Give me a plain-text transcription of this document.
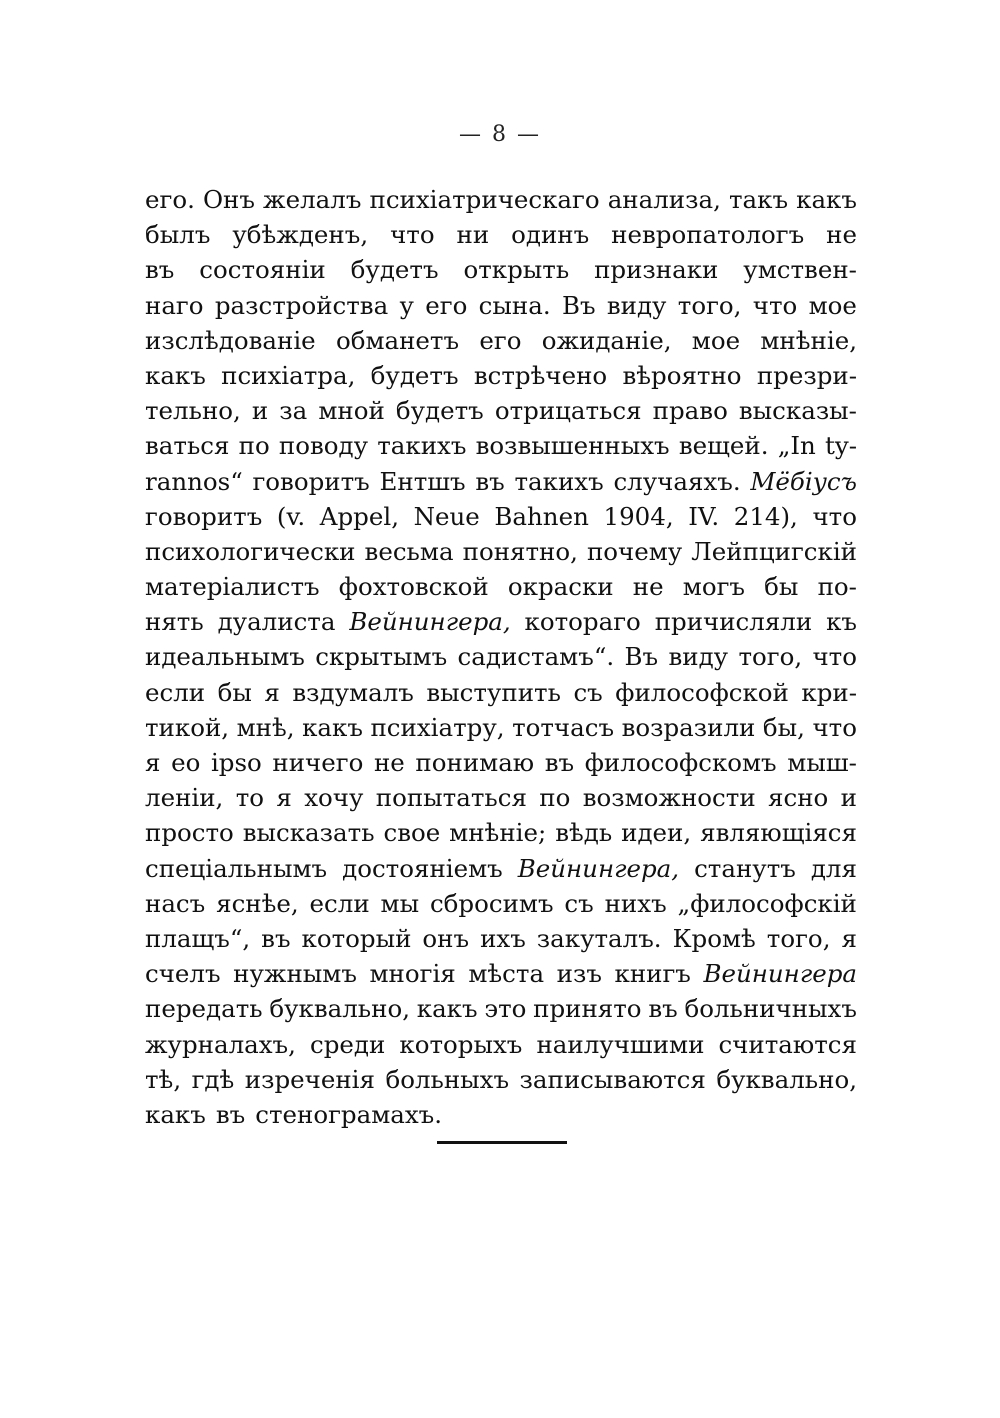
— 8 —
его. Онъ желалъ психіатрическаго анализа, такъ какъ
былъ убѣжденъ, что ни одинъ невропатологъ не
въ состояніи будетъ открыть признаки умствен-
наго разстройства у его сына. Въ виду того, что мое
изслѣдованіе обманетъ его ожиданіе, мое мнѣніе,
какъ психіатра, будетъ встрѣчено вѣроятно презри-
тельно, и за мной будетъ отрицаться право высказы-
ваться по поводу такихъ возвышенныхъ вещей. „In ty-
rannos“ говоритъ Ентшъ въ такихъ случаяхъ. Мёбіусъ
говоритъ (v. Appel, Neue Bahnen 1904, IV. 214), что
психологически весьма понятно, почему Лейпцигскій
матеріалистъ фохтовской окраски не могъ бы по-
нять дуалиста Вейнингера, котораго причисляли къ
идеальнымъ скрытымъ садистамъ“. Въ виду того, что
если бы я вздумалъ выступить съ философской кри-
тикой, мнѣ, какъ психіатру, тотчасъ возразили бы, что
я eo ipso ничего не понимаю въ философскомъ мыш-
леніи, то я хочу попытаться по возможности ясно и
просто высказать свое мнѣніе; вѣдь идеи, являющіяся
спеціальнымъ достояніемъ Вейнингера, станутъ для
насъ яснѣе, если мы сбросимъ съ нихъ „философскій
плащъ“, въ который онъ ихъ закуталъ. Кромѣ того, я
счелъ нужнымъ многія мѣста изъ книгъ Вейнингера
передать буквально, какъ это принято въ больничныхъ
журналахъ, среди которыхъ наилучшими считаются
тѣ, гдѣ изреченія больныхъ записываются буквально,
какъ въ стенограмахъ.
